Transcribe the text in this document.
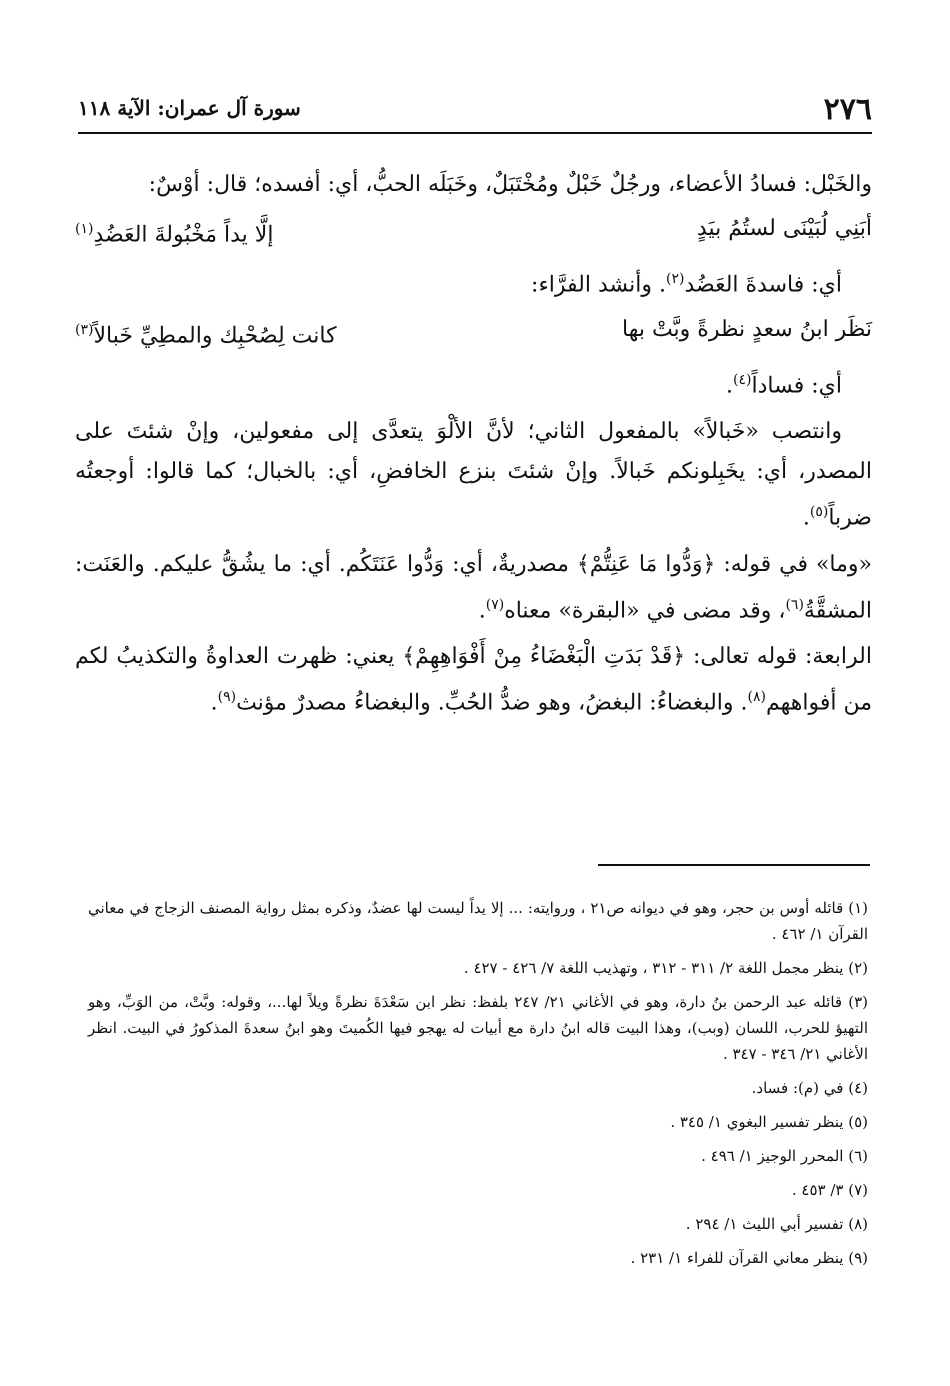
٢٧٦
سورة آل عمران: الآية ١١٨

والخَبْل: فسادُ الأعضاء، ورجُلٌ خَبْلٌ ومُخْتَبَلٌ، وخَبَلَه الحبُّ، أي: أفسده؛ قال: أوْسٌ:

أبَنِي لُبَيْنَى لستُمُ بيَدٍ
إلَّا يداً مَخْبُولةَ العَضُدِ$^{(١)}$

أي: فاسدةَ العَضُد$^{(٢)}$. وأنشد الفرَّاء:

نَظَر ابنُ سعدٍ نظرةً وبَّتْ بها
كانت لِصُحْبِك والمطِيِّ خَبالاً$^{(٣)}$

أي: فساداً$^{(٤)}$.

وانتصب «خَبالاً» بالمفعول الثاني؛ لأنَّ الألْوَ يتعدَّى إلى مفعولين، وإنْ شئتَ على المصدر، أي: يخَبِلونكم خَبالاً. وإنْ شئتَ بنزع الخافضِ، أي: بالخبال؛ كما قالوا: أوجعتُه ضرباً$^{(٥)}$.

«وما» في قوله: ﴿وَدُّوا مَا عَنِتُّمْ﴾ مصدريةٌ، أي: وَدُّوا عَنَتَكُم. أي: ما يشُقُّ عليكم. والعَنَت: المشقَّةُ$^{(٦)}$، وقد مضى في «البقرة» معناه$^{(٧)}$.

الرابعة: قوله تعالى: ﴿قَدْ بَدَتِ الْبَغْضَاءُ مِنْ أَفْوَاهِهِمْ﴾ يعني: ظهرت العداوةُ والتكذيبُ لكم من أفواههم$^{(٨)}$. والبغضاءُ: البغضُ، وهو ضدُّ الحُبِّ. والبغضاءُ مصدرٌ مؤنث$^{(٩)}$.

(١) قائله أوس بن حجر، وهو في ديوانه ص٢١ ، وروايته: ... إلا يداً ليست لها عضدٌ، وذكره بمثل رواية المصنف الزجاج في معاني القرآن ١/ ٤٦٢ .

(٢) ينظر مجمل اللغة ٢/ ٣١١ - ٣١٢ ، وتهذيب اللغة ٧/ ٤٢٦ - ٤٢٧ .

(٣) قائله عبد الرحمن بنُ دارة، وهو في الأغاني ٢١/ ٢٤٧ بلفظ: نظر ابن سَعْدَةَ نظرةً ويلاً لها...، وقوله: وبَّتْ، من الوَبِّ، وهو التهيؤ للحرب، اللسان (وبب)، وهذا البيت قاله ابنُ دارة مع أبيات له يهجو فيها الكُميتَ وهو ابنُ سعدةَ المذكورُ في البيت. انظر الأغاني ٢١/ ٣٤٦ - ٣٤٧ .

(٤) في (م): فساد.

(٥) ينظر تفسير البغوي ١/ ٣٤٥ .

(٦) المحرر الوجيز ١/ ٤٩٦ .

(٧) ٣/ ٤٥٣ .

(٨) تفسير أبي الليث ١/ ٢٩٤ .

(٩) ينظر معاني القرآن للفراء ١/ ٢٣١ .
